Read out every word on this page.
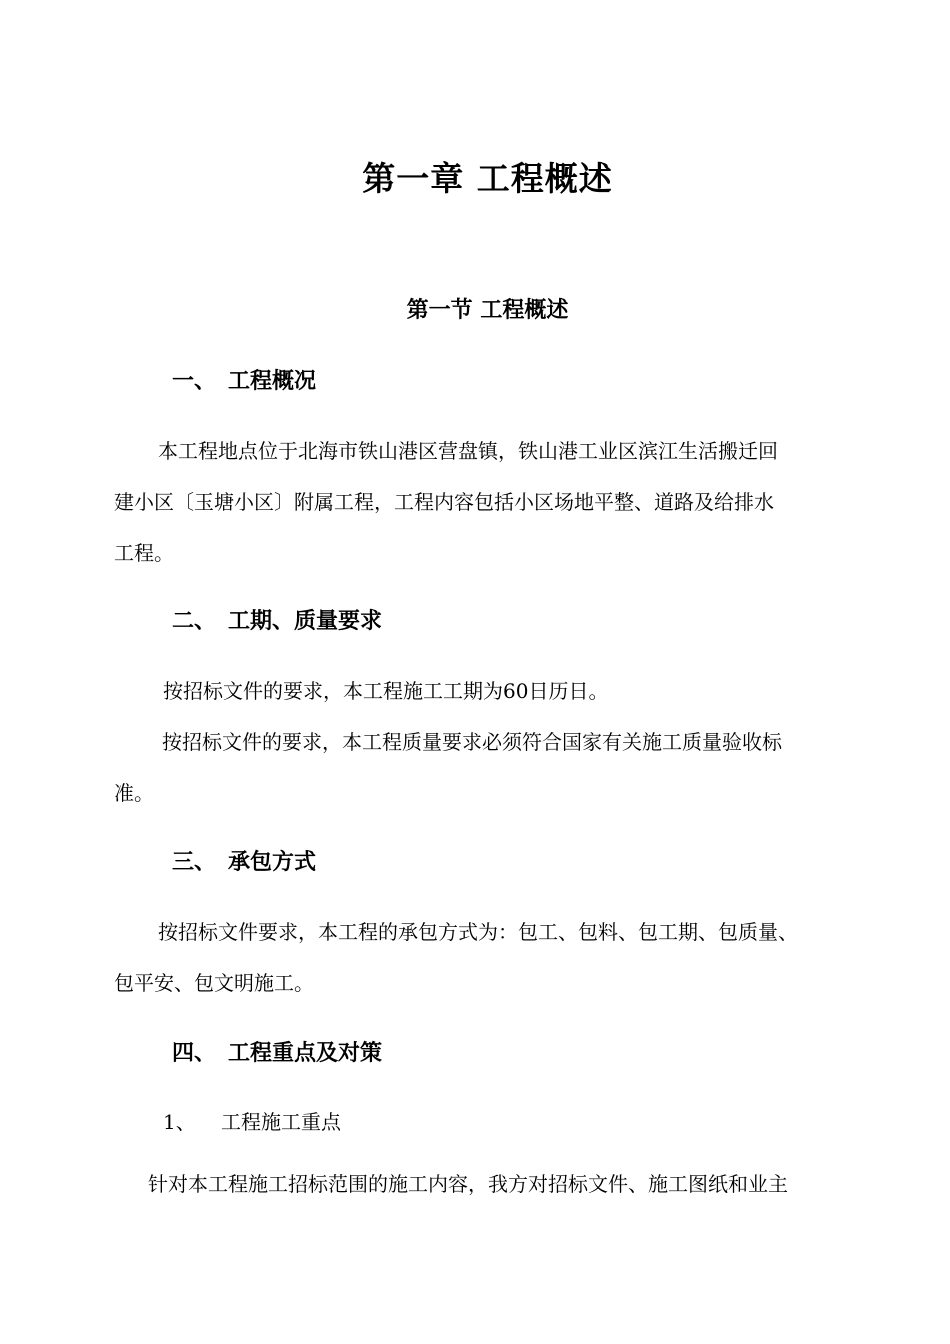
第一章 工程概述
第一节 工程概述
一、 工程概况
本工程地点位于北海市铁山港区营盘镇，铁山港工业区滨江生活搬迁回
建小区〔玉塘小区〕附属工程，工程内容包括小区场地平整、道路及给排水
工程。
二、 工期、质量要求
按招标文件的要求，本工程施工工期为60日历日。
按招标文件的要求，本工程质量要求必须符合国家有关施工质量验收标
准。
三、 承包方式
按招标文件要求，本工程的承包方式为：包工、包料、包工期、包质量、
包平安、包文明施工。
四、 工程重点及对策
1、 工程施工重点
针对本工程施工招标范围的施工内容，我方对招标文件、施工图纸和业主
